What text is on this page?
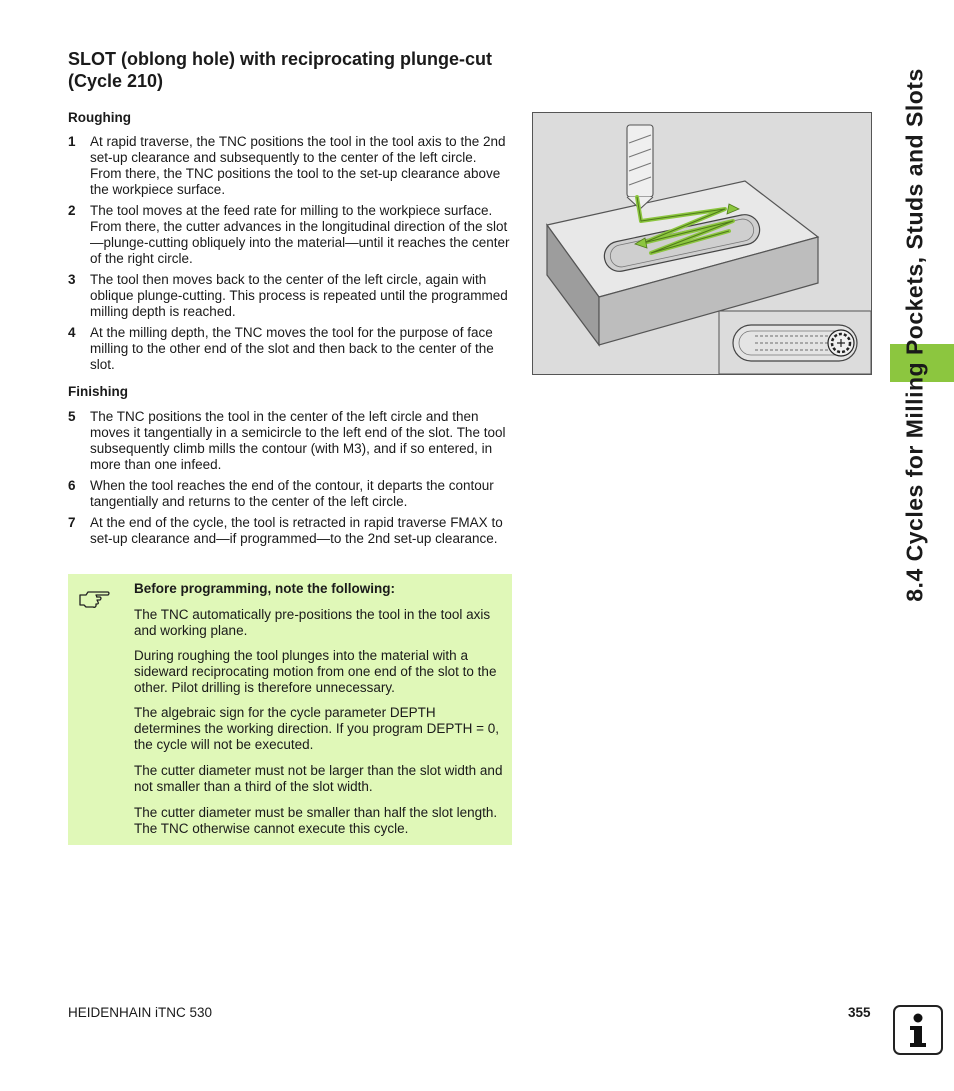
SLOT (oblong hole) with reciprocating plunge-cut (Cycle 210)
Roughing
1 At rapid traverse, the TNC positions the tool in the tool axis to the 2nd set-up clearance and subsequently to the center of the left circle. From there, the TNC positions the tool to the set-up clearance above the workpiece surface.
2 The tool moves at the feed rate for milling to the workpiece surface. From there, the cutter advances in the longitudinal direction of the slot—plunge-cutting obliquely into the material—until it reaches the center of the right circle.
3 The tool then moves back to the center of the left circle, again with oblique plunge-cutting. This process is repeated until the programmed milling depth is reached.
4 At the milling depth, the TNC moves the tool for the purpose of face milling to the other end of the slot and then back to the center of the slot.
Finishing
5 The TNC positions the tool in the center of the left circle and then moves it tangentially in a semicircle to the left end of the slot. The tool subsequently climb mills the contour (with M3), and if so entered, in more than one infeed.
6 When the tool reaches the end of the contour, it departs the contour tangentially and returns to the center of the left circle.
7 At the end of the cycle, the tool is retracted in rapid traverse FMAX to set-up clearance and—if programmed—to the 2nd set-up clearance.

Before programming, note the following:

The TNC automatically pre-positions the tool in the tool axis and working plane.

During roughing the tool plunges into the material with a sideward reciprocating motion from one end of the slot to the other. Pilot drilling is therefore unnecessary.

The algebraic sign for the cycle parameter DEPTH determines the working direction. If you program DEPTH = 0, the cycle will not be executed.

The cutter diameter must not be larger than the slot width and not smaller than a third of the slot width.

The cutter diameter must be smaller than half the slot length. The TNC otherwise cannot execute this cycle.

8.4 Cycles for Milling Pockets, Studs and Slots

HEIDENHAIN iTNC 530	355
